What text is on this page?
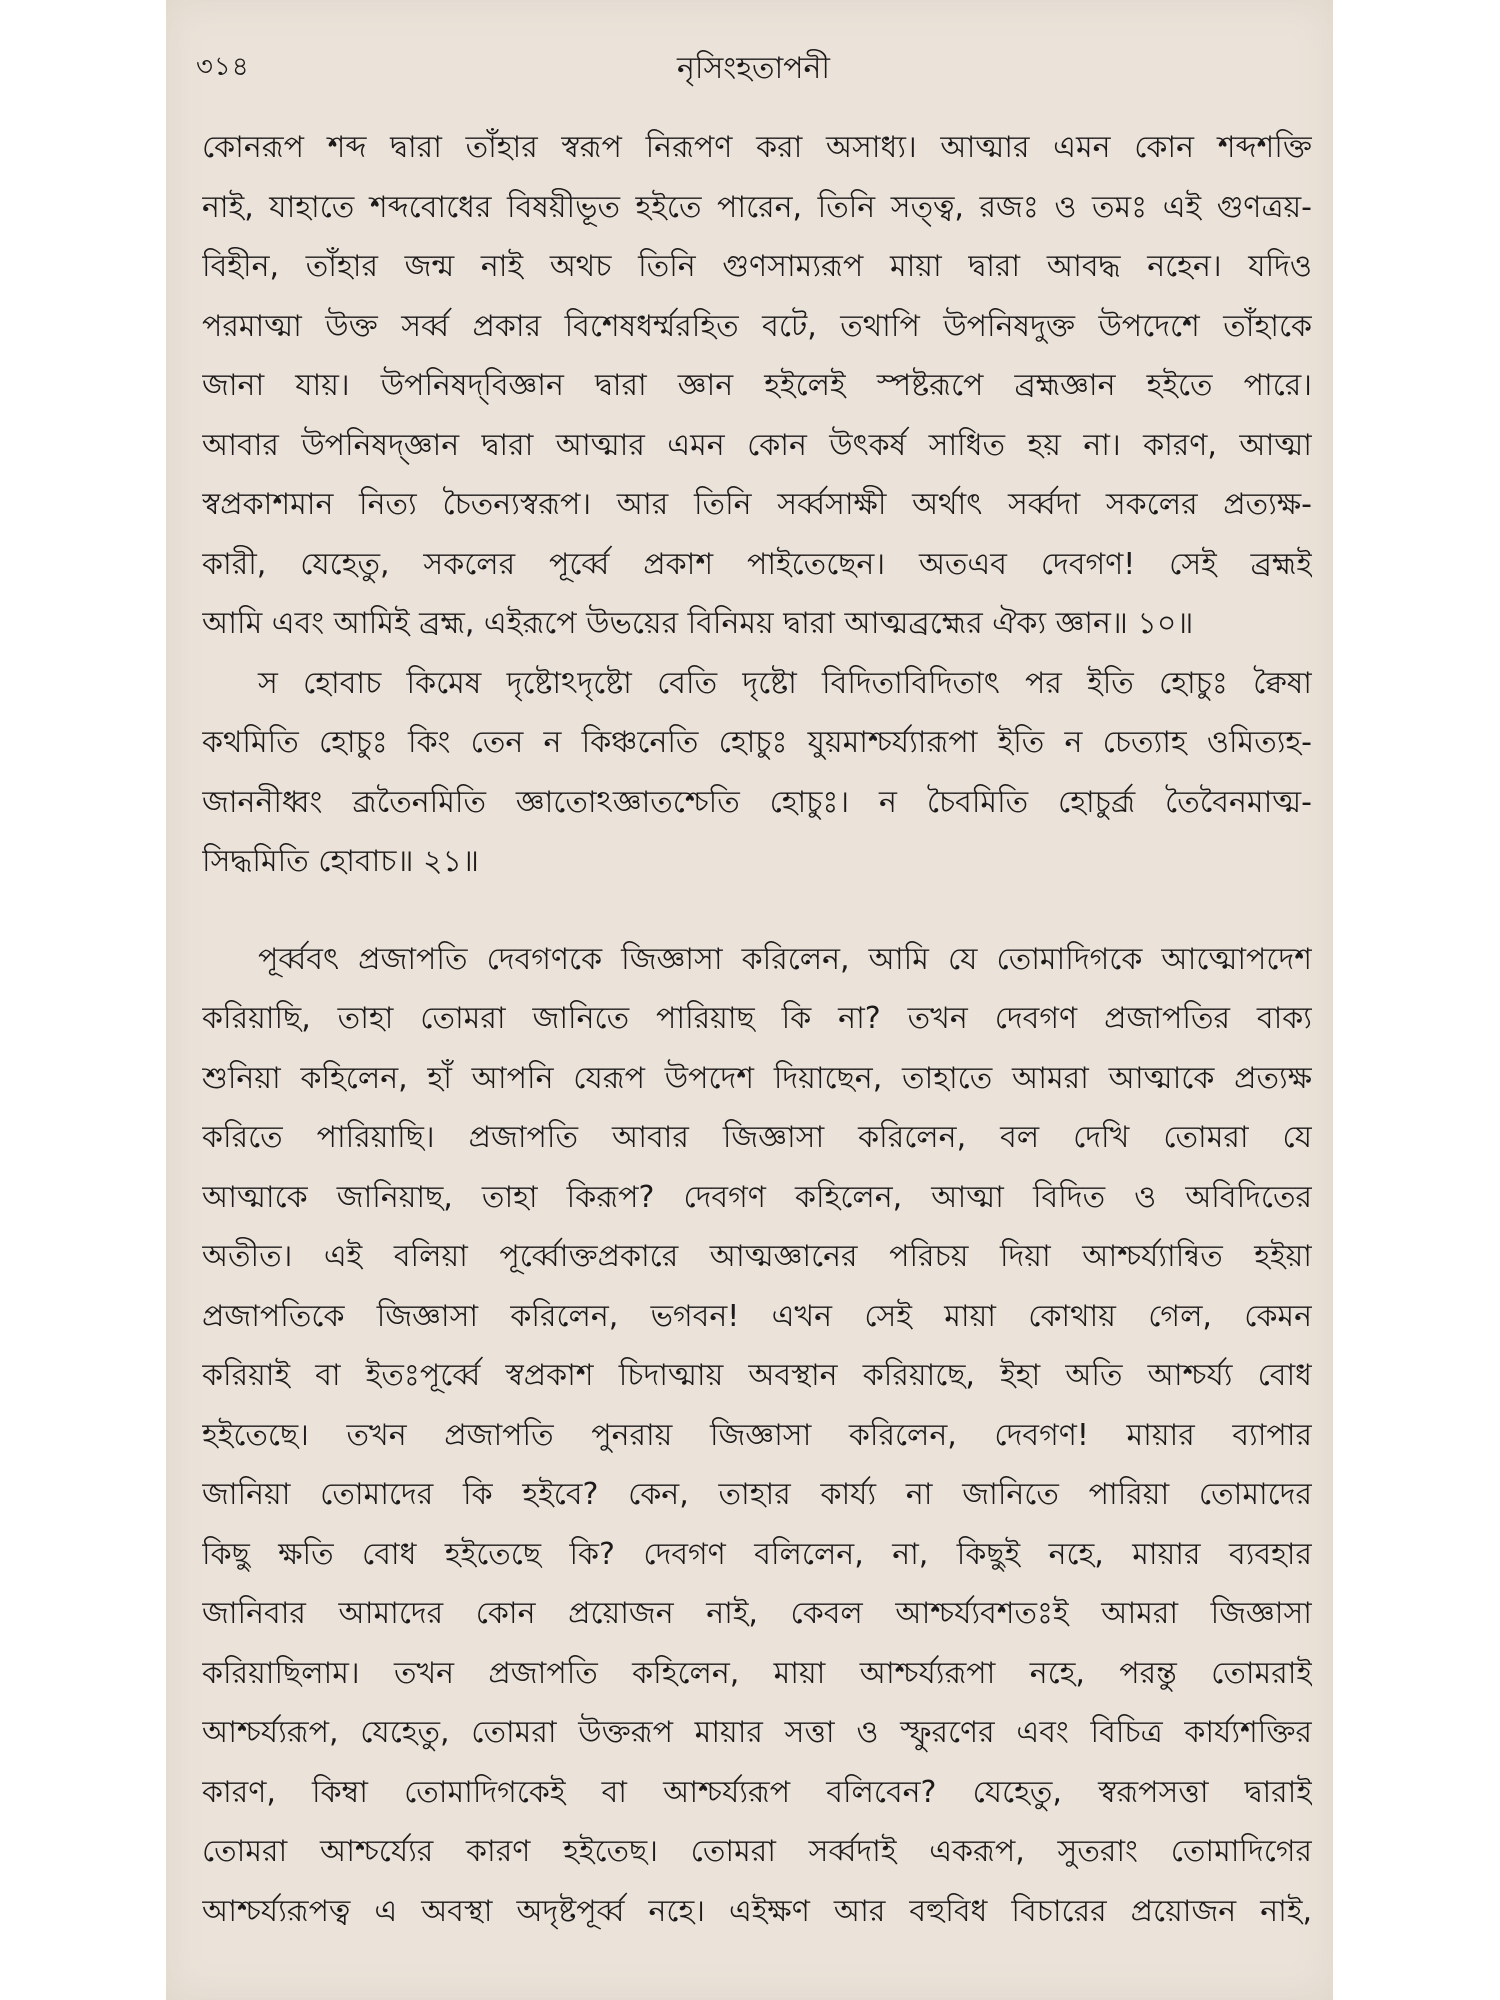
৩১৪	নৃসিংহতাপনী
কোনরূপ শব্দ দ্বারা তাঁহার স্বরূপ নিরূপণ করা অসাধ্য। আত্মার এমন কোন শব্দশক্তি
নাই, যাহাতে শব্দবোধের বিষয়ীভূত হইতে পারেন, তিনি সত্ত্ব, রজঃ ও তমঃ এই গুণত্রয়-
বিহীন, তাঁহার জন্ম নাই অথচ তিনি গুণসাম্যরূপ মায়া দ্বারা আবদ্ধ নহেন। যদিও
পরমাত্মা উক্ত সর্ব্ব প্রকার বিশেষধর্ম্মরহিত বটে, তথাপি উপনিষদুক্ত উপদেশে তাঁহাকে
জানা যায়। উপনিষদ্‌বিজ্ঞান দ্বারা জ্ঞান হইলেই স্পষ্টরূপে ব্রহ্মজ্ঞান হইতে পারে।
আবার উপনিষদ্‌জ্ঞান দ্বারা আত্মার এমন কোন উৎকর্ষ সাধিত হয় না। কারণ, আত্মা
স্বপ্রকাশমান নিত্য চৈতন্যস্বরূপ। আর তিনি সর্ব্বসাক্ষী অর্থাৎ সর্ব্বদা সকলের প্রত্যক্ষ-
কারী, যেহেতু, সকলের পূর্ব্বে প্রকাশ পাইতেছেন। অতএব দেবগণ! সেই ব্রহ্মই
আমি এবং আমিই ব্রহ্ম, এইরূপে উভয়ের বিনিময় দ্বারা আত্মব্রহ্মের ঐক্য জ্ঞান॥ ১০॥
স হোবাচ কিমেষ দৃষ্টোঽদৃষ্টো বেতি দৃষ্টো বিদিতাবিদিতাৎ পর ইতি হোচুঃ ক্বৈষা
কথমিতি হোচুঃ কিং তেন ন কিঞ্চনেতি হোচুঃ যুয়মাশ্চর্য্যারূপা ইতি ন চেত্যাহ ওমিত্যহ-
জাননীধ্বং ব্রূতৈনমিতি জ্ঞাতোঽজ্ঞাতশ্চেতি হোচুঃ। ন চৈবমিতি হোচুর্ব্রূ তৈবৈনমাত্ম-
সিদ্ধমিতি হোবাচ॥ ২১॥
পূর্ব্ববৎ প্রজাপতি দেবগণকে জিজ্ঞাসা করিলেন, আমি যে তোমাদিগকে আত্মোপদেশ
করিয়াছি, তাহা তোমরা জানিতে পারিয়াছ কি না? তখন দেবগণ প্রজাপতির বাক্য
শুনিয়া কহিলেন, হাঁ আপনি যেরূপ উপদেশ দিয়াছেন, তাহাতে আমরা আত্মাকে প্রত্যক্ষ
করিতে পারিয়াছি। প্রজাপতি আবার জিজ্ঞাসা করিলেন, বল দেখি তোমরা যে
আত্মাকে জানিয়াছ, তাহা কিরূপ? দেবগণ কহিলেন, আত্মা বিদিত ও অবিদিতের
অতীত। এই বলিয়া পূর্ব্বোক্তপ্রকারে আত্মজ্ঞানের পরিচয় দিয়া আশ্চর্য্যান্বিত হইয়া
প্রজাপতিকে জিজ্ঞাসা করিলেন, ভগবন! এখন সেই মায়া কোথায় গেল, কেমন
করিয়াই বা ইতঃপূর্ব্বে স্বপ্রকাশ চিদাত্মায় অবস্থান করিয়াছে, ইহা অতি আশ্চর্য্য বোধ
হইতেছে। তখন প্রজাপতি পুনরায় জিজ্ঞাসা করিলেন, দেবগণ! মায়ার ব্যাপার
জানিয়া তোমাদের কি হইবে? কেন, তাহার কার্য্য না জানিতে পারিয়া তোমাদের
কিছু ক্ষতি বোধ হইতেছে কি? দেবগণ বলিলেন, না, কিছুই নহে, মায়ার ব্যবহার
জানিবার আমাদের কোন প্রয়োজন নাই, কেবল আশ্চর্য্যবশতঃই আমরা জিজ্ঞাসা
করিয়াছিলাম। তখন প্রজাপতি কহিলেন, মায়া আশ্চর্য্যরূপা নহে, পরন্তু তোমরাই
আশ্চর্য্যরূপ, যেহেতু, তোমরা উক্তরূপ মায়ার সত্তা ও স্ফুরণের এবং বিচিত্র কার্য্যশক্তির
কারণ, কিম্বা তোমাদিগকেই বা আশ্চর্য্যরূপ বলিবেন? যেহেতু, স্বরূপসত্তা দ্বারাই
তোমরা আশ্চর্য্যের কারণ হইতেছ। তোমরা সর্ব্বদাই একরূপ, সুতরাং তোমাদিগের
আশ্চর্য্যরূপত্ব এ অবস্থা অদৃষ্টপূর্ব্ব নহে। এইক্ষণ আর বহুবিধ বিচারের প্রয়োজন নাই,
